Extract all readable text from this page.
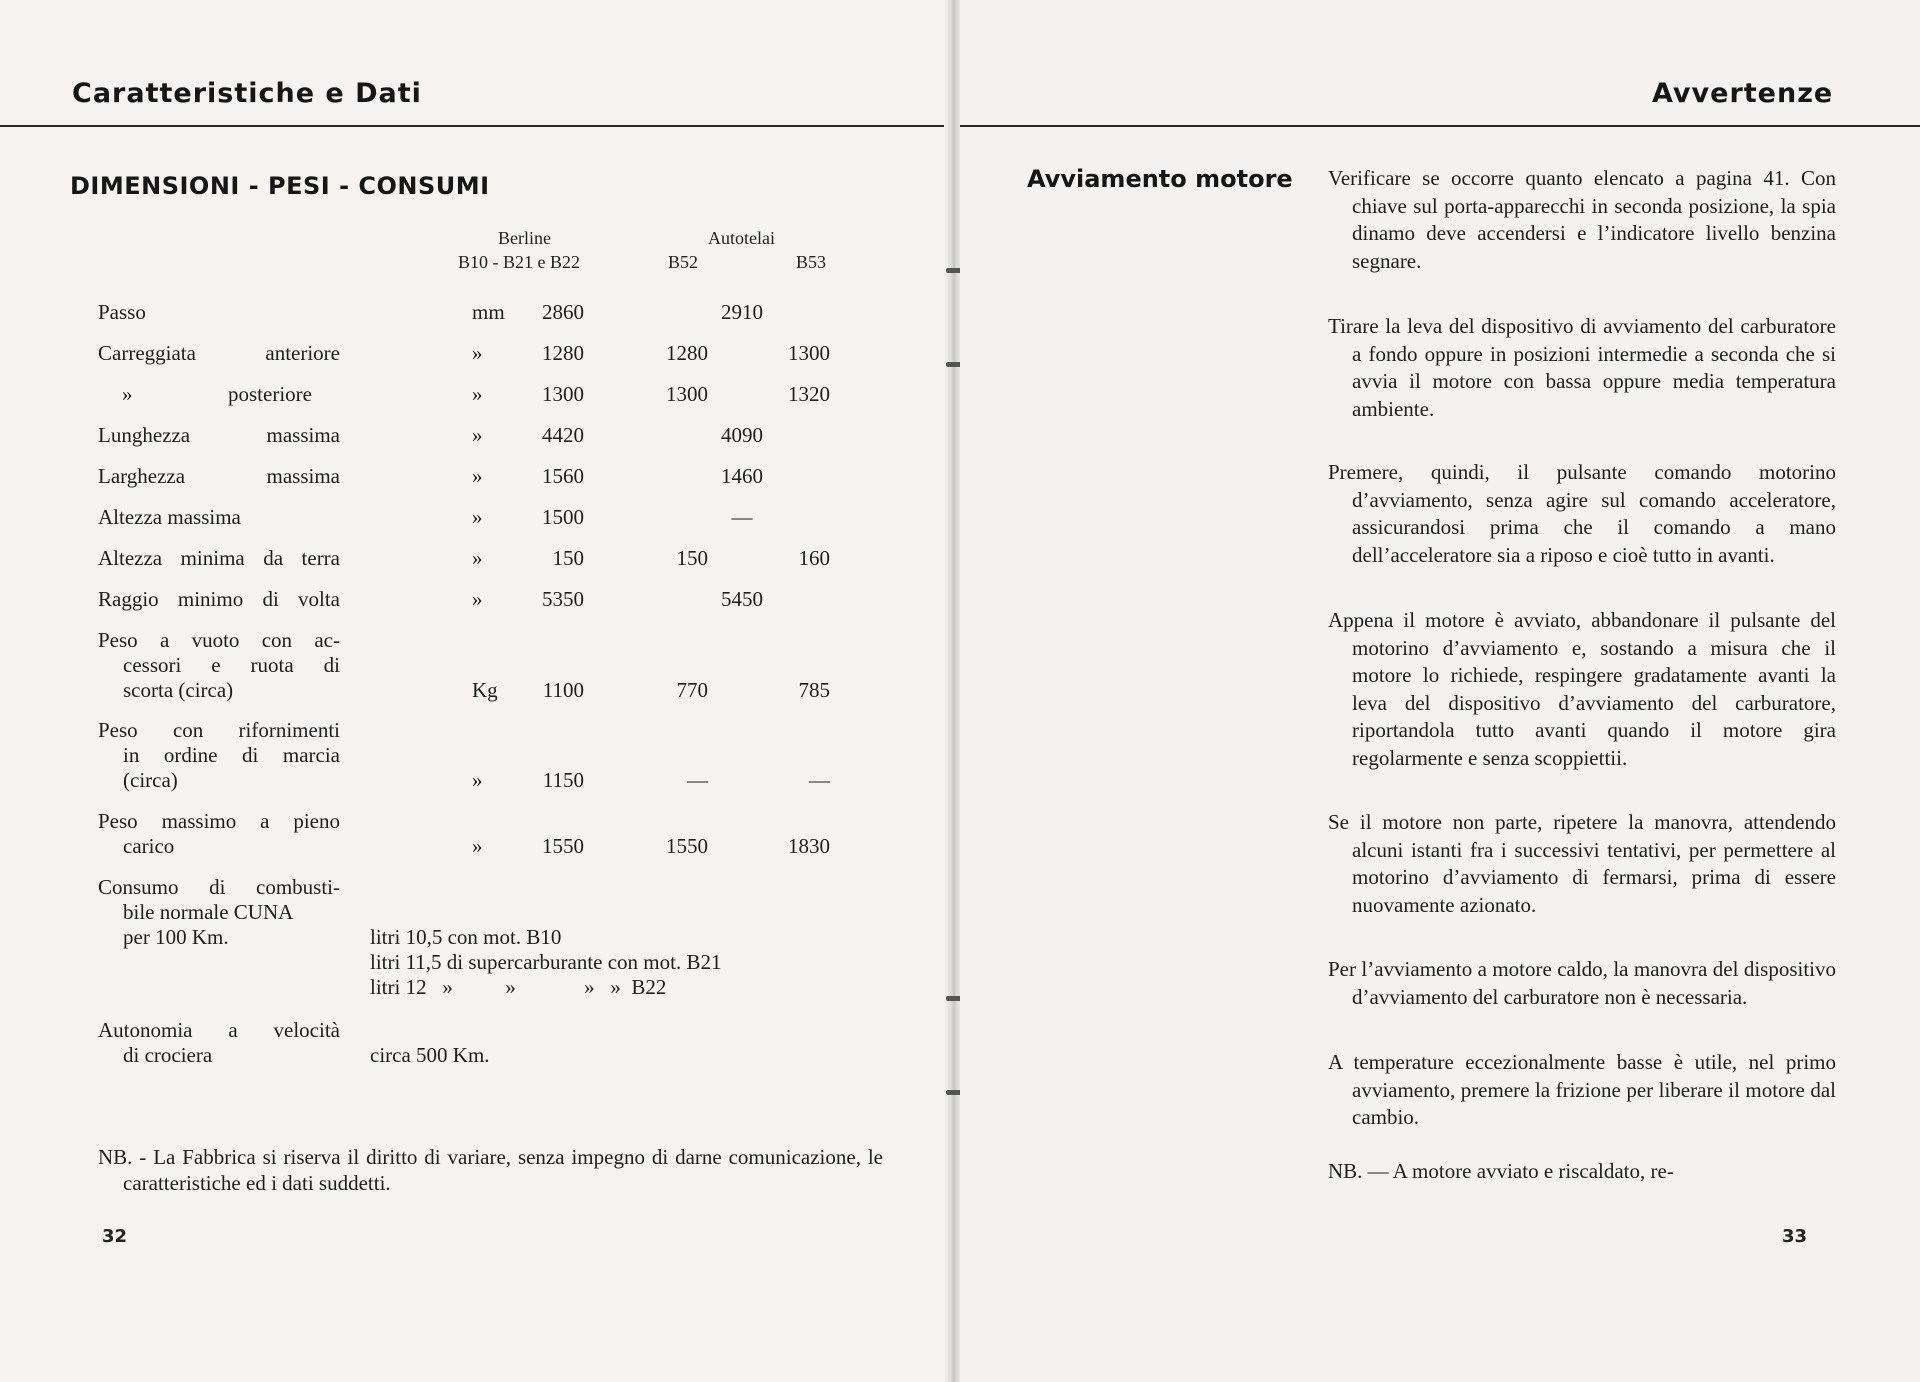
Caratteristiche e Dati
DIMENSIONI - PESI - CONSUMI
Berline
B10 - B21 e B22
Autotelai
B52	B53
Passo	mm	2860	2910
Carreggiata anteriore	»	1280	1280	1300
»	posteriore	»	1300	1300	1320
Lunghezza massima	»	4420	4090
Larghezza massima	»	1560	1460
Altezza massima	»	1500	—
Altezza minima da terra	»	150	150	160
Raggio minimo di volta	»	5350	5450
Peso a vuoto con ac-
cessori e ruota di
scorta (circa)	Kg	1100	770	785
Peso con rifornimenti
in ordine di marcia
(circa)	»	1150	—	—
Peso massimo a pieno
carico	»	1550	1550	1830
Consumo di combusti-
bile normale CUNA
per 100 Km.	litri 10,5 con mot. B10
litri 11,5 di supercarburante con mot. B21
litri 12   »          »             »   »  B22
Autonomia a velocità
di crociera	circa 500 Km.
NB. - La Fabbrica si riserva il diritto di variare, senza impegno di darne comunicazione, le caratteristiche ed i dati suddetti.
32
Avvertenze
Avviamento motore Verificare se occorre quanto elencato a pagina 41. Con chiave sul porta-apparecchi in seconda posizione, la spia dinamo deve accendersi e l’indicatore livello benzina segnare.
Tirare la leva del dispositivo di avviamento del carburatore a fondo oppure in posizioni intermedie a seconda che si avvia il motore con bassa oppure media temperatura ambiente.
Premere, quindi, il pulsante comando motorino d’avviamento, senza agire sul comando acceleratore, assicurandosi prima che il comando a mano dell’acceleratore sia a riposo e cioè tutto in avanti.
Appena il motore è avviato, abbandonare il pulsante del motorino d’avviamento e, sostando a misura che il motore lo richiede, respingere gradatamente avanti la leva del dispositivo d’avviamento del carburatore, riportandola tutto avanti quando il motore gira regolarmente e senza scoppiettii.
Se il motore non parte, ripetere la manovra, attendendo alcuni istanti fra i successivi tentativi, per permettere al motorino d’avviamento di fermarsi, prima di essere nuovamente azionato.
Per l’avviamento a motore caldo, la manovra del dispositivo d’avviamento del carburatore non è necessaria.
A temperature eccezionalmente basse è utile, nel primo avviamento, premere la frizione per liberare il motore dal cambio.
NB. — A motore avviato e riscaldato, re-
33
